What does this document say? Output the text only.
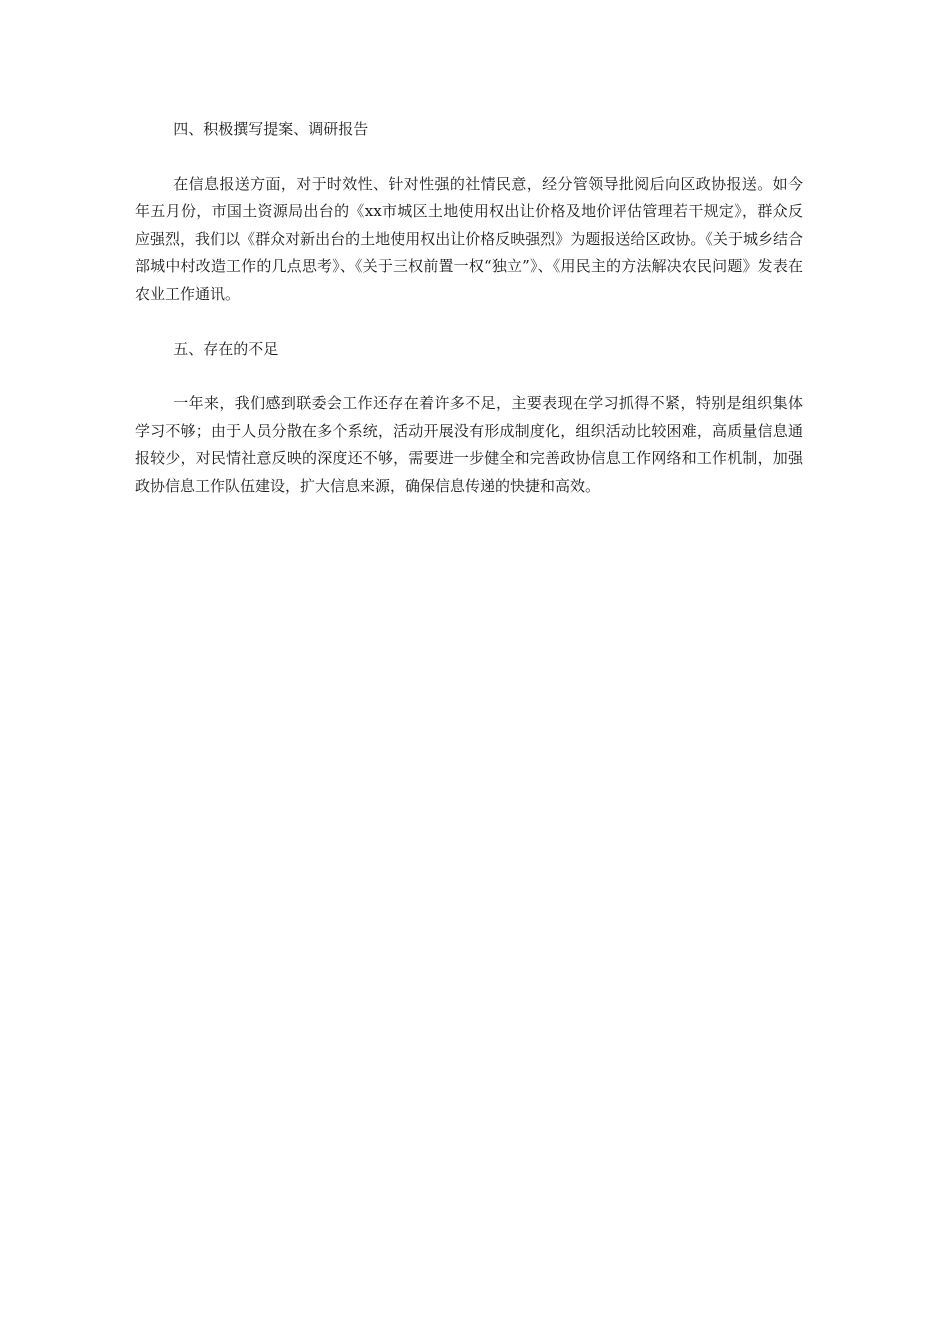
四、积极撰写提案、调研报告

在信息报送方面，对于时效性、针对性强的社情民意，经分管领导批阅后向区政协报送。如今年五月份，市国土资源局出台的《xx市城区土地使用权出让价格及地价评估管理若干规定》，群众反应强烈，我们以《群众对新出台的土地使用权出让价格反映强烈》为题报送给区政协。《关于城乡结合部城中村改造工作的几点思考》、《关于三权前置一权“独立”》、《用民主的方法解决农民问题》发表在农业工作通讯。

五、存在的不足

一年来，我们感到联委会工作还存在着许多不足，主要表现在学习抓得不紧，特别是组织集体学习不够；由于人员分散在多个系统，活动开展没有形成制度化，组织活动比较困难，高质量信息通报较少，对民情社意反映的深度还不够，需要进一步健全和完善政协信息工作网络和工作机制，加强政协信息工作队伍建设，扩大信息来源，确保信息传递的快捷和高效。
